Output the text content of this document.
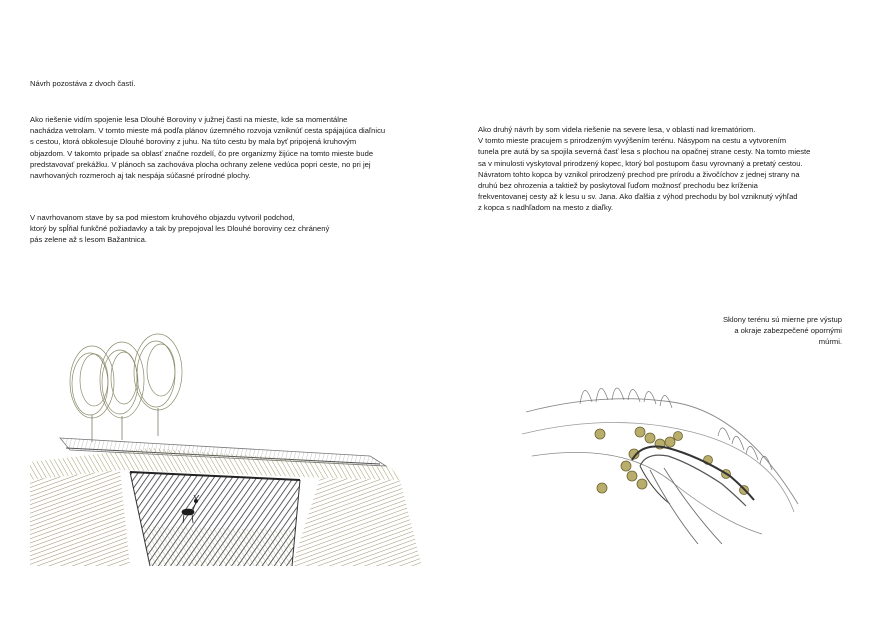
Návrh pozostáva z dvoch častí.

Ako riešenie vidím spojenie lesa Dlouhé Boroviny v južnej časti na mieste, kde sa momentálne
nachádza vetrolam. V tomto mieste má podľa plánov územného rozvoja vzniknúť cesta spájajúca diaľnicu
s cestou, ktorá obkolesuje Dlouhé boroviny z juhu. Na túto cestu by mala byť pripojená kruhovým
objazdom. V takomto prípade sa oblasť značne rozdelí, čo pre organizmy žijúce na tomto mieste bude
predstavovať prekážku. V plánoch sa zachováva plocha ochrany zelene vedúca popri ceste, no pri jej
navrhovaných rozmeroch aj tak nespája súčasné prírodné plochy.

V navrhovanom stave by sa pod miestom kruhového objazdu vytvoril podchod,
ktorý by spĺňal funkčné požiadavky a tak by prepojoval les Dlouhé boroviny cez chránený
pás zelene až s lesom Bažantnica.

Ako druhý návrh by som videla riešenie na severe lesa, v oblasti nad krematóriom.
V tomto mieste pracujem s prirodzeným vyvýšením terénu. Násypom na cestu a vytvorením
tunela pre autá by sa spojila severná časť lesa s plochou na opačnej strane cesty. Na tomto mieste
sa v minulosti vyskytoval prirodzený kopec, ktorý bol postupom času vyrovnaný a pretatý cestou.
Návratom tohto kopca by vznikol prirodzený prechod pre prírodu a živočíchov z jednej strany na
druhú bez ohrozenia a taktiež by poskytoval ľuďom možnosť prechodu bez kríženia
frekventovanej cesty až k lesu u sv. Jana. Ako ďalšia z výhod prechodu by bol vzniknutý výhľad
z kopca s nadhľadom na mesto z diaľky.

Sklony terénu sú mierne pre výstup
a okraje zabezpečené opornými
múrmi.
